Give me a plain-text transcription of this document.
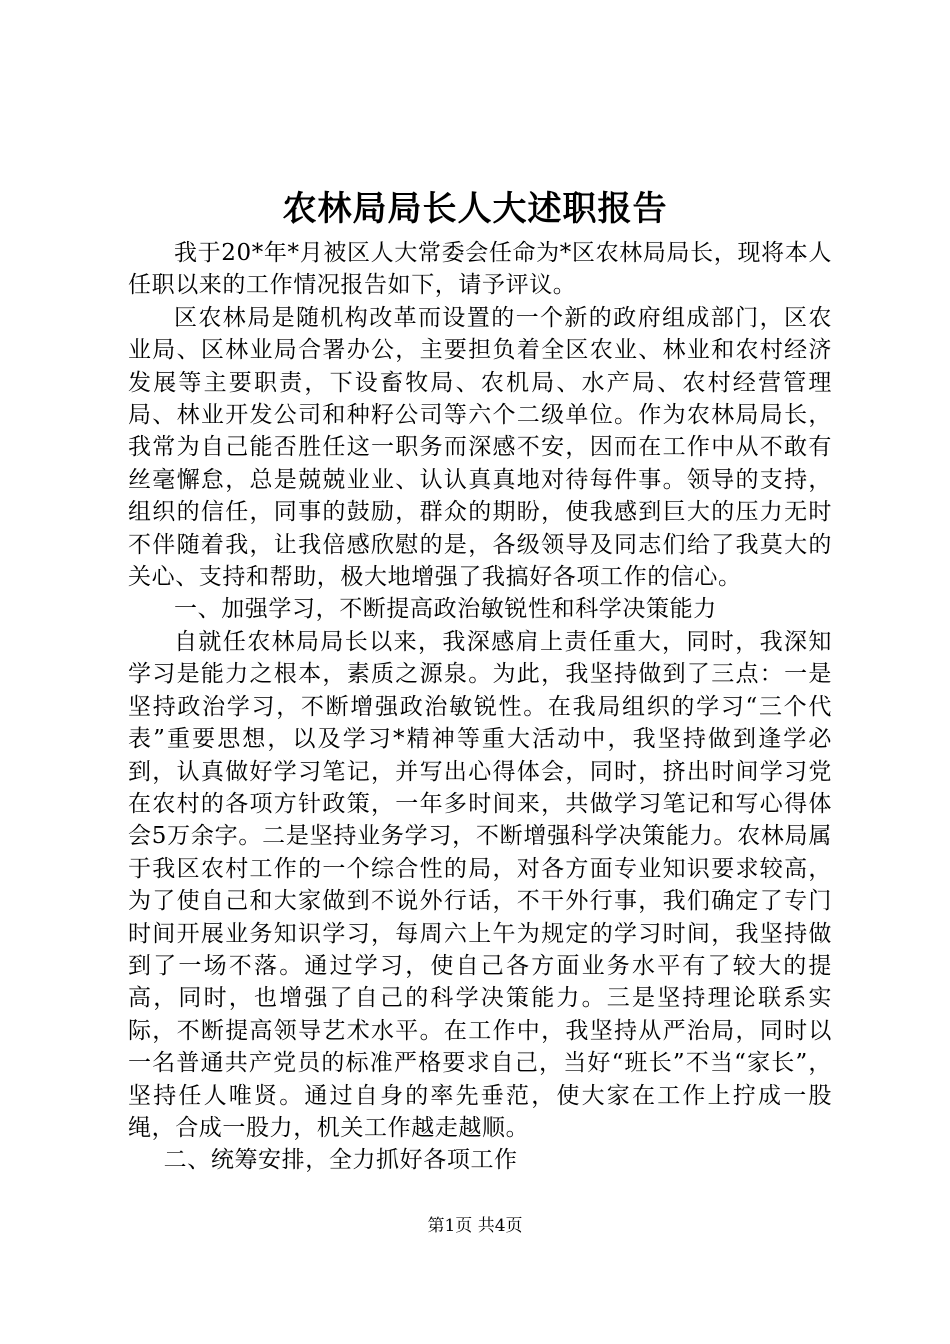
农林局局长人大述职报告

我于20*年*月被区人大常委会任命为*区农林局局长，现将本人任职以来的工作情况报告如下，请予评议。

区农林局是随机构改革而设置的一个新的政府组成部门，区农业局、区林业局合署办公，主要担负着全区农业、林业和农村经济发展等主要职责，下设畜牧局、农机局、水产局、农村经营管理局、林业开发公司和种籽公司等六个二级单位。作为农林局局长，我常为自己能否胜任这一职务而深感不安，因而在工作中从不敢有丝毫懈怠，总是兢兢业业、认认真真地对待每件事。领导的支持，组织的信任，同事的鼓励，群众的期盼，使我感到巨大的压力无时不伴随着我，让我倍感欣慰的是，各级领导及同志们给了我莫大的关心、支持和帮助，极大地增强了我搞好各项工作的信心。

一、加强学习，不断提高政治敏锐性和科学决策能力

自就任农林局局长以来，我深感肩上责任重大，同时，我深知学习是能力之根本，素质之源泉。为此，我坚持做到了三点：一是坚持政治学习，不断增强政治敏锐性。在我局组织的学习“三个代表”重要思想，以及学习*精神等重大活动中，我坚持做到逢学必到，认真做好学习笔记，并写出心得体会，同时，挤出时间学习党在农村的各项方针政策，一年多时间来，共做学习笔记和写心得体会5万余字。二是坚持业务学习，不断增强科学决策能力。农林局属于我区农村工作的一个综合性的局，对各方面专业知识要求较高，为了使自己和大家做到不说外行话，不干外行事，我们确定了专门时间开展业务知识学习，每周六上午为规定的学习时间，我坚持做到了一场不落。通过学习，使自己各方面业务水平有了较大的提高，同时，也增强了自己的科学决策能力。三是坚持理论联系实际，不断提高领导艺术水平。在工作中，我坚持从严治局，同时以一名普通共产党员的标准严格要求自己，当好“班长”不当“家长”，坚持任人唯贤。通过自身的率先垂范，使大家在工作上拧成一股绳，合成一股力，机关工作越走越顺。

二、统筹安排，全力抓好各项工作

第1页 共4页
